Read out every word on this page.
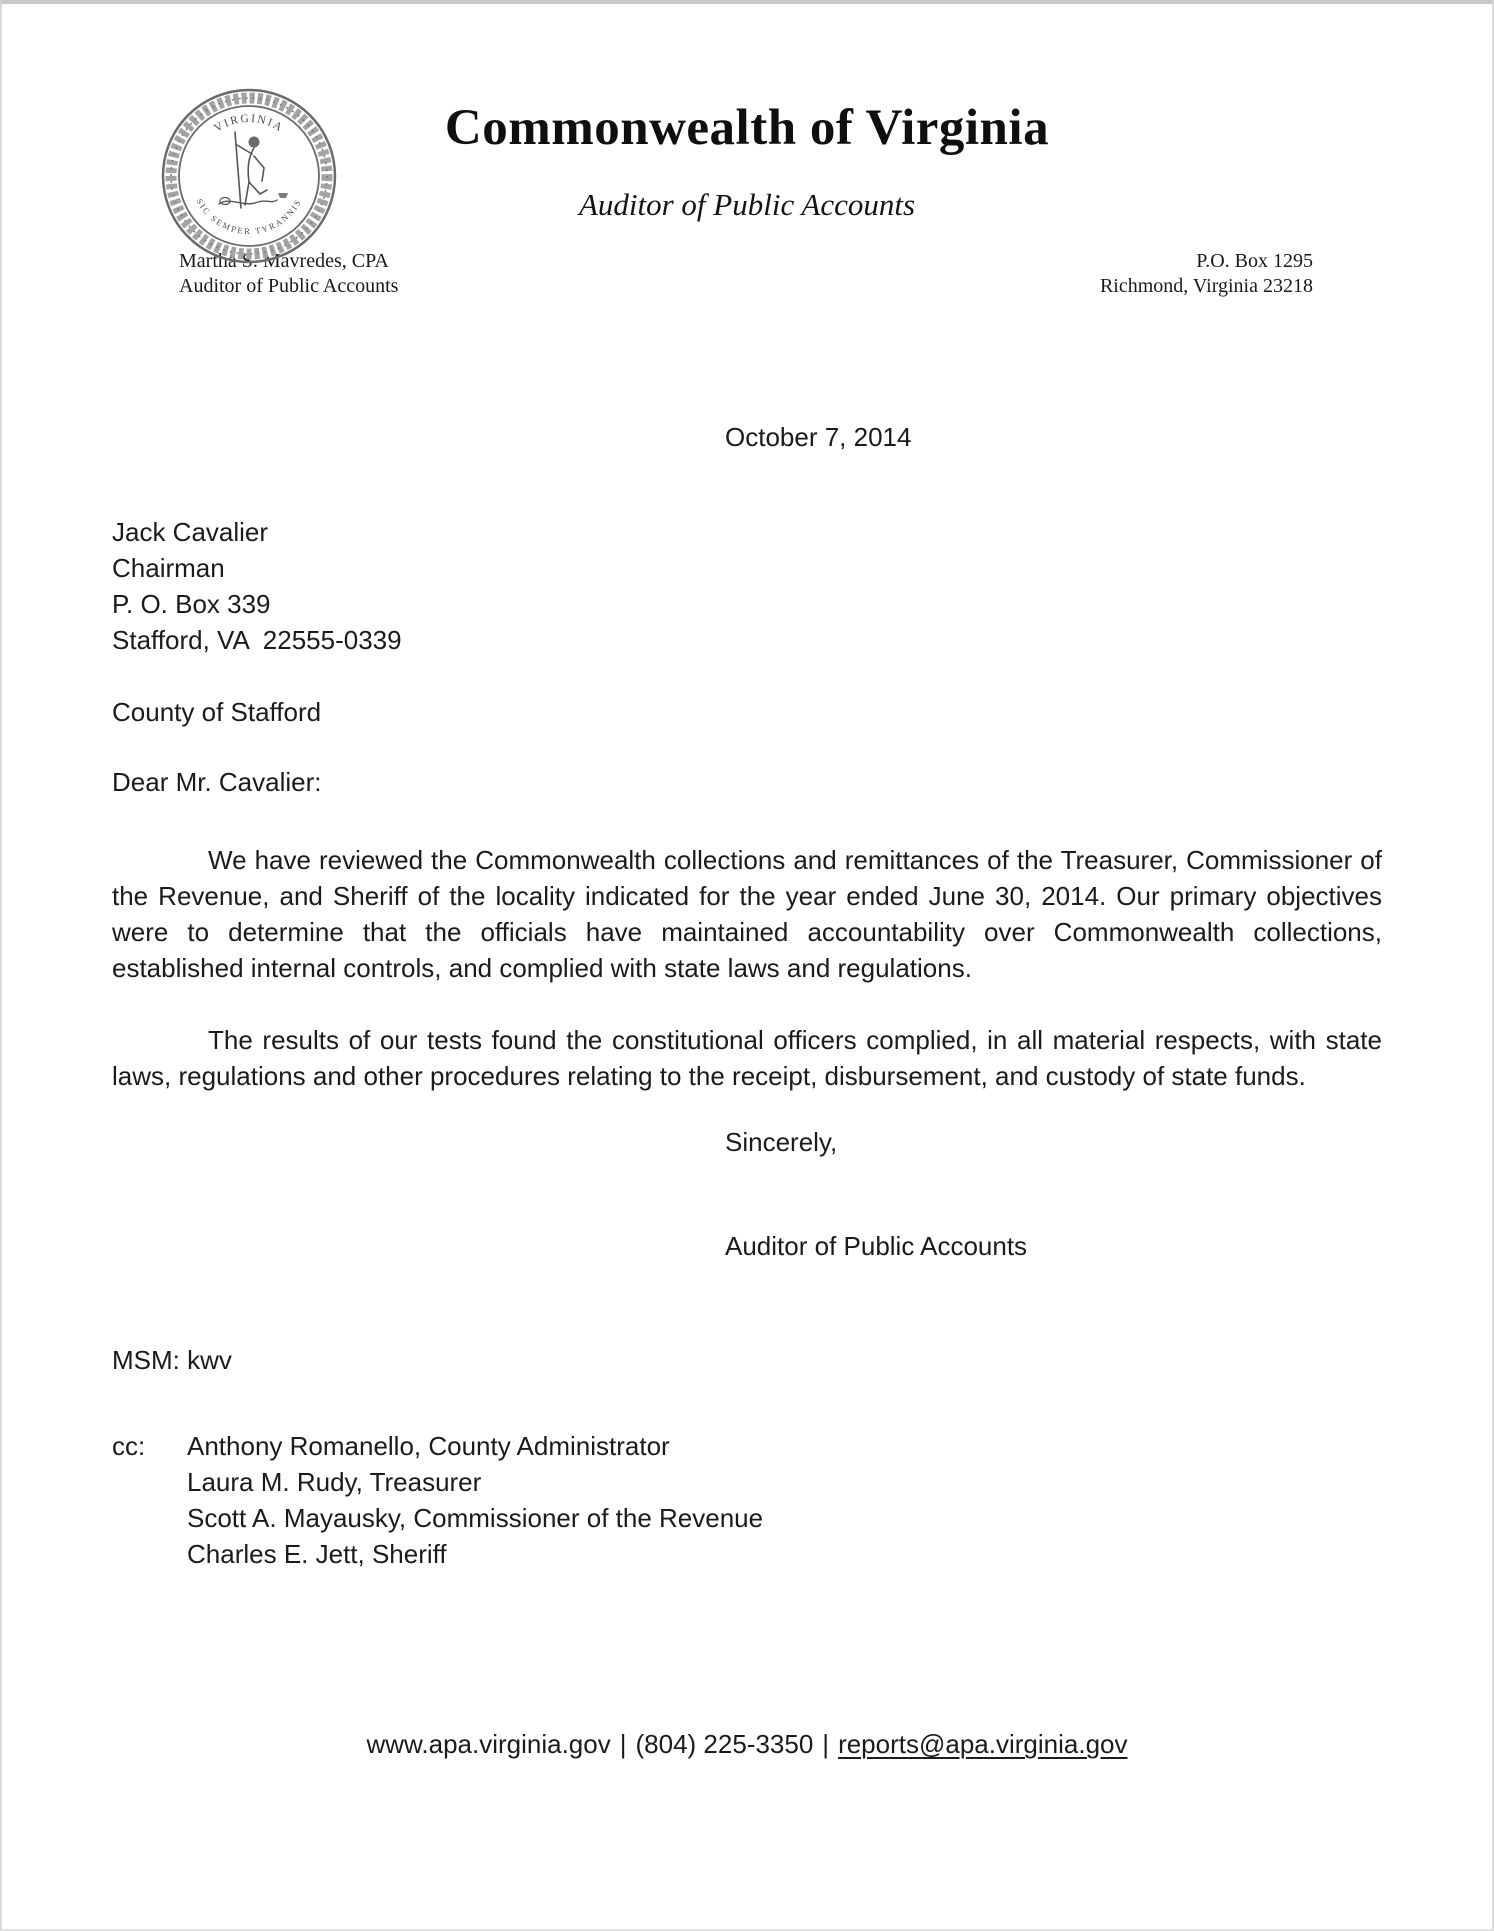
VIRGINIA
SIC SEMPER TYRANNIS
Commonwealth of Virginia
Auditor of Public Accounts
Martha S. Mavredes, CPA
Auditor of Public Accounts
P.O. Box 1295
Richmond, Virginia 23218
October 7, 2014
Jack Cavalier
Chairman
P. O. Box 339
Stafford, VA  22555-0339
County of Stafford
Dear Mr. Cavalier:

We have reviewed the Commonwealth collections and remittances of the Treasurer, Commissioner of the Revenue, and Sheriff of the locality indicated for the year ended June 30, 2014. Our primary objectives were to determine that the officials have maintained accountability over Commonwealth collections, established internal controls, and complied with state laws and regulations.

The results of our tests found the constitutional officers complied, in all material respects, with state laws, regulations and other procedures relating to the receipt, disbursement, and custody of state funds.

Sincerely,
Auditor of Public Accounts
MSM: kwv
cc:	Anthony Romanello, County Administrator
Laura M. Rudy, Treasurer
Scott A. Mayausky, Commissioner of the Revenue
Charles E. Jett, Sheriff
www.apa.virginia.gov | (804) 225-3350 | reports@apa.virginia.gov
